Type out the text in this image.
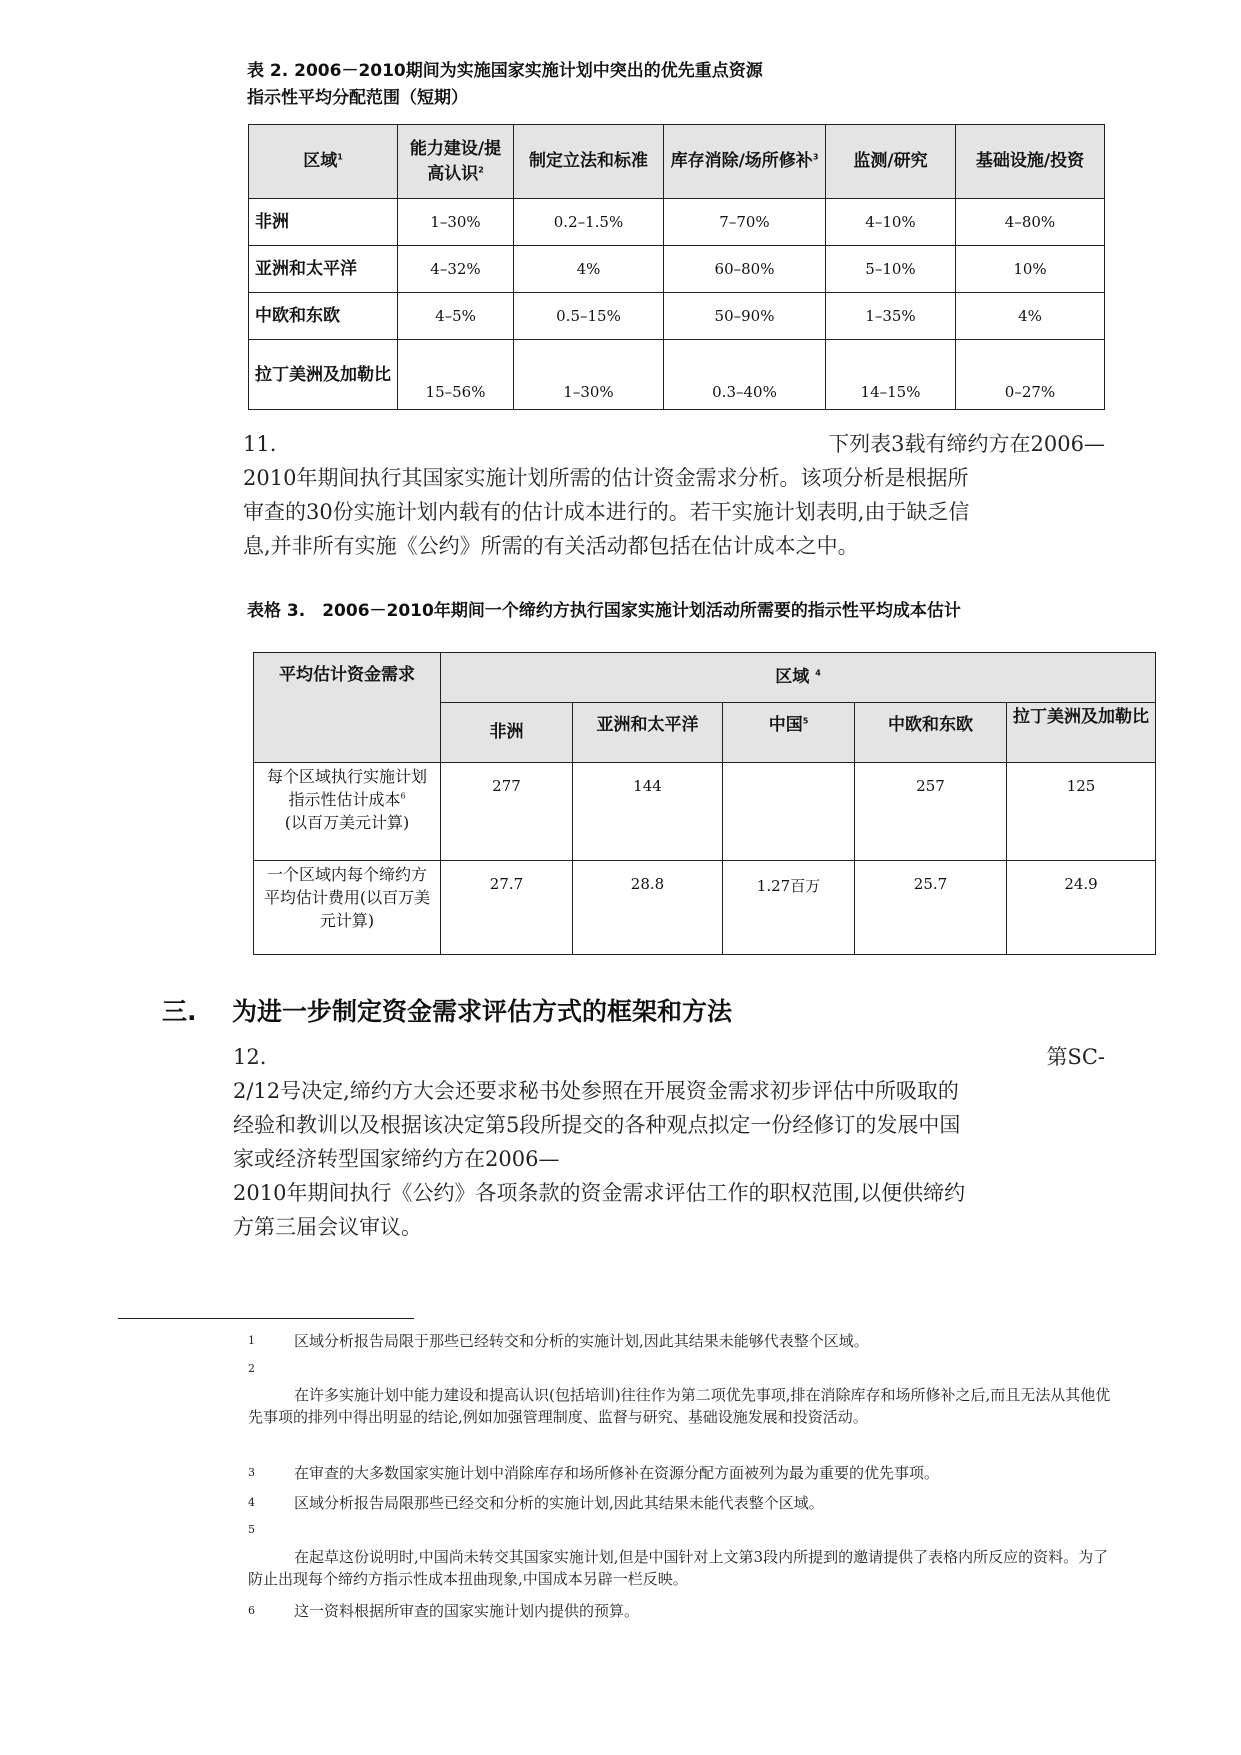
表 2. 2006－2010期间为实施国家实施计划中突出的优先重点资源
指示性平均分配范围（短期）
区域$^1$	能力建设/提高认识$^2$	制定立法和标准	库存消除/场所修补$^3$	监测/研究	基础设施/投资
非洲	1–30%	0.2–1.5%	7–70%	4–10%	4–80%
亚洲和太平洋	4–32%	4%	60–80%	5–10%	10%
中欧和东欧	4–5%	0.5–15%	50–90%	1–35%	4%
拉丁美洲及加勒比	15–56%	1–30%	0.3–40%	14–15%	0–27%
11.	下列表3载有缔约方在2006—
2010年期间执行其国家实施计划所需的估计资金需求分析。该项分析是根据所
审查的30份实施计划内载有的估计成本进行的。若干实施计划表明,由于缺乏信
息,并非所有实施《公约》所需的有关活动都包括在估计成本之中。
表格 3.　2006－2010年期间一个缔约方执行国家实施计划活动所需要的指示性平均成本估计
平均估计资金需求	区域 $^4$
	非洲	亚洲和太平洋	中国$^5$	中欧和东欧	拉丁美洲及加勒比
每个区域执行实施计划指示性估计成本$^6$
(以百万美元计算)	277	144		257	125
一个区域内每个缔约方平均估计费用(以百万美元计算)	27.7	28.8	1.27百万	25.7	24.9
三. 为进一步制定资金需求评估方式的框架和方法
12.	第SC-
2/12号决定,缔约方大会还要求秘书处参照在开展资金需求初步评估中所吸取的
经验和教训以及根据该决定第5段所提交的各种观点拟定一份经修订的发展中国
家或经济转型国家缔约方在2006—
2010年期间执行《公约》各项条款的资金需求评估工作的职权范围,以便供缔约
方第三届会议审议。
1	区域分析报告局限于那些已经转交和分析的实施计划,因此其结果未能够代表整个区域。
2
在许多实施计划中能力建设和提高认识(包括培训)往往作为第二项优先事项,排在消除库存和场所修补之后,而且无法从其他优先事项的排列中得出明显的结论,例如加强管理制度、监督与研究、基础设施发展和投资活动。
3	在审查的大多数国家实施计划中消除库存和场所修补在资源分配方面被列为最为重要的优先事项。
4	区域分析报告局限那些已经交和分析的实施计划,因此其结果未能代表整个区域。
5
在起草这份说明时,中国尚未转交其国家实施计划,但是中国针对上文第3段内所提到的邀请提供了表格内所反应的资料。为了防止出现每个缔约方指示性成本扭曲现象,中国成本另辟一栏反映。
6	这一资料根据所审查的国家实施计划内提供的预算。
